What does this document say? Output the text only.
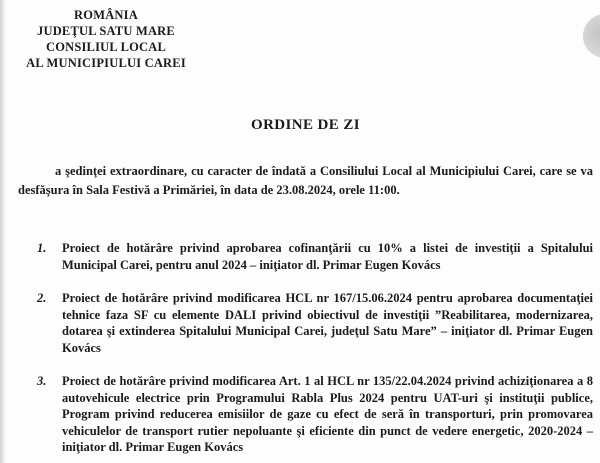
ROMÂNIA
JUDEŢUL SATU MARE
CONSILIUL LOCAL
AL MUNICIPIULUI CAREI
ORDINE DE ZI

a şedinţei extraordinare, cu caracter de îndată a Consiliului Local al Municipiului Carei, care se va desfăşura în Sala Festivă a Primăriei, în data de 23.08.2024, orele 11:00.

1.	Proiect de hotărâre privind aprobarea cofinanţării cu 10% a listei de investiţii a Spitalului Municipal Carei, pentru anul 2024 – iniţiator dl. Primar Eugen Kovács
2.	Proiect de hotărâre privind modificarea HCL nr 167/15.06.2024 pentru aprobarea documentaţiei tehnice faza SF cu elemente DALI privind obiectivul de investiţii ”Reabilitarea, modernizarea, dotarea şi extinderea Spitalului Municipal Carei, judeţul Satu Mare” – iniţiator dl. Primar Eugen Kovács
3.	Proiect de hotărâre privind modificarea Art. 1 al HCL nr 135/22.04.2024 privind achiziţionarea a 8 autovehicule electrice prin Programului Rabla Plus 2024 pentru UAT-uri şi instituţii publice, Program privind reducerea emisiilor de gaze cu efect de seră în transporturi, prin promovarea vehiculelor de transport rutier nepoluante şi eficiente din punct de vedere energetic, 2020-2024 – iniţiator dl. Primar Eugen Kovács
